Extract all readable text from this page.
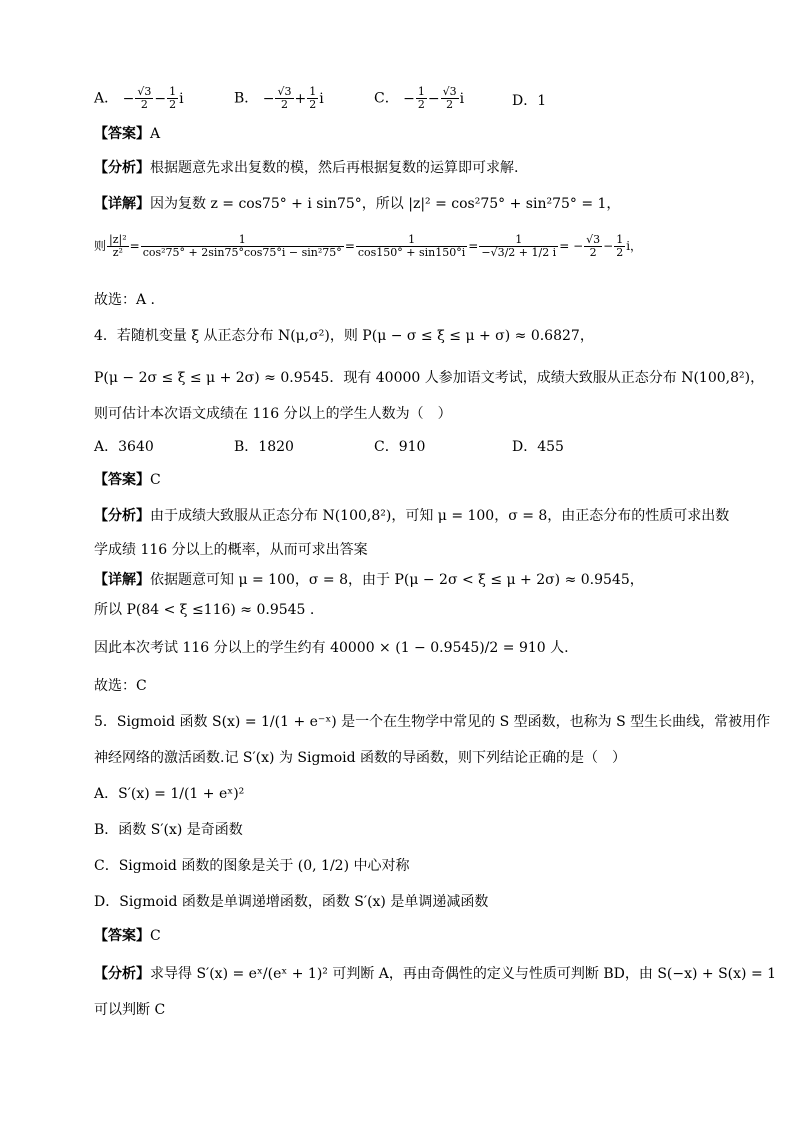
A． − $\frac{√3}{2} - \frac{1}{2}$ i	B． − $\frac{√3}{2} + \frac{1}{2}$ i	C． − $\frac{1}{2} - \frac{√3}{2}$ i	D．1
【答案】A
【分析】根据题意先求出复数的模，然后再根据复数的运算即可求解.
【详解】因为复数 z = cos75° + i sin75°，所以 |z|² = cos²75° + sin²75° = 1，
则 $\frac{\text{|z|²}}{\text{z²}} = \frac{1}{\text{cos²75° + 2sin75°cos75°i − sin²75°}} = \frac{1}{\cos 150^\circ + \sin 150^\circ i} = \frac{1}{-√3/2 + 1/2 i}$ = − $\frac{√3}{2} - \frac{1}{2}$ i，
故选：A .
4．若随机变量 ξ 从正态分布 N(μ,σ²)，则 P(μ − σ ≤ ξ ≤ μ + σ) ≈ 0.6827，
P(μ − 2σ ≤ ξ ≤ μ + 2σ) ≈ 0.9545．现有 40000 人参加语文考试，成绩大致服从正态分布 N(100,8²)，
则可估计本次语文成绩在 116 分以上的学生人数为（　）
A．3640	B．1820	C．910	D．455
【答案】C
【分析】由于成绩大致服从正态分布 N(100,8²)，可知 μ = 100，σ = 8，由正态分布的性质可求出数
学成绩 116 分以上的概率，从而可求出答案
【详解】依据题意可知 μ = 100，σ = 8，由于 P(μ − 2σ < ξ ≤ μ + 2σ) ≈ 0.9545，
所以 P(84 < ξ ≤116) ≈ 0.9545 .
因此本次考试 116 分以上的学生约有 40000 × (1 − 0.9545)/2 = 910 人.
故选：C
5．Sigmoid 函数 S(x) = 1/(1 + e⁻ˣ) 是一个在生物学中常见的 S 型函数，也称为 S 型生长曲线，常被用作
神经网络的激活函数.记 S′(x) 为 Sigmoid 函数的导函数，则下列结论正确的是（　）
A．S′(x) = 1/(1 + eˣ)²
B．函数 S′(x) 是奇函数
C．Sigmoid 函数的图象是关于 (0, 1/2) 中心对称
D．Sigmoid 函数是单调递增函数，函数 S′(x) 是单调递减函数
【答案】C
【分析】求导得 S′(x) = eˣ/(eˣ + 1)² 可判断 A，再由奇偶性的定义与性质可判断 BD，由 S(−x) + S(x) = 1
可以判断 C
